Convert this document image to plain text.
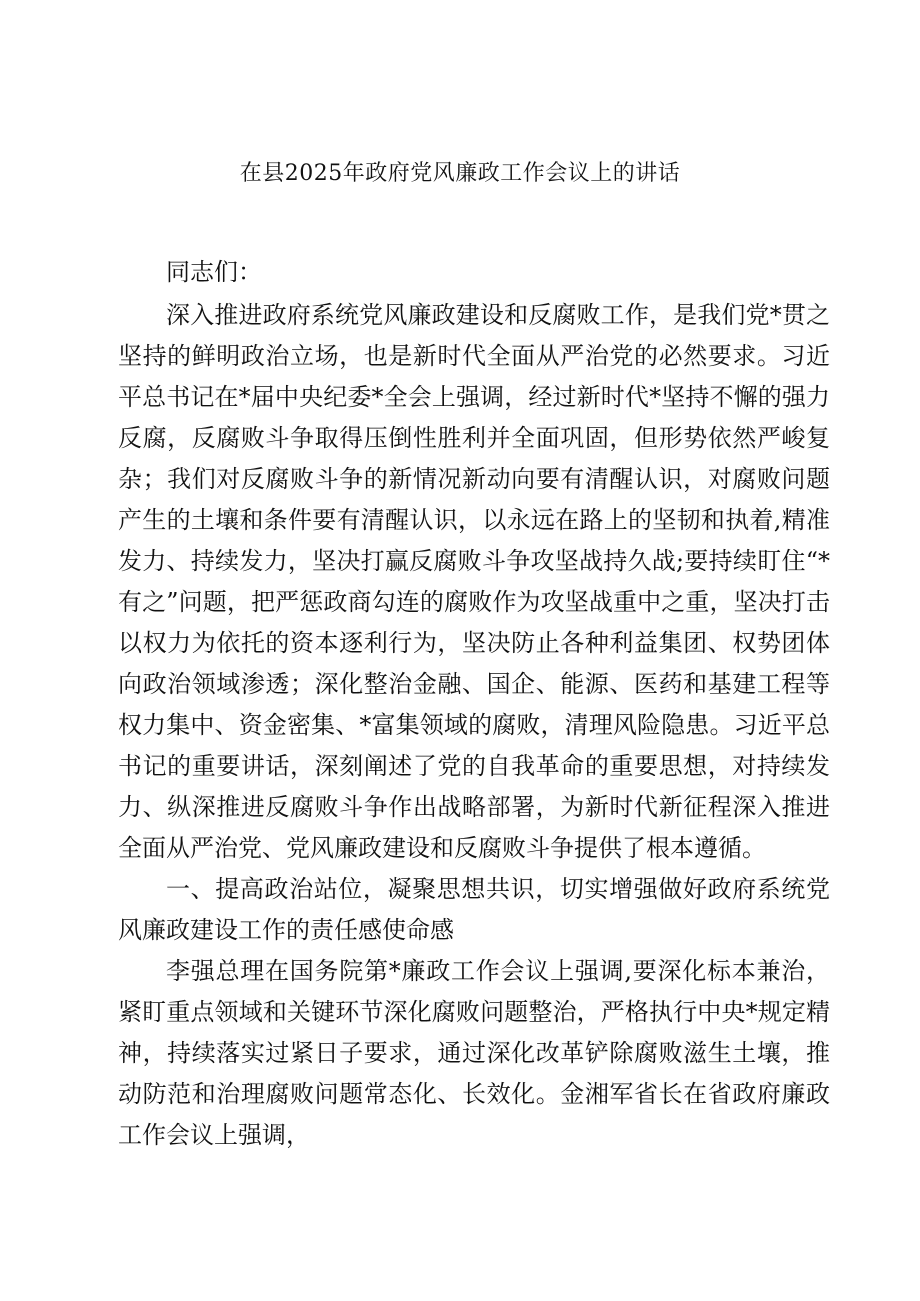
在县2025年政府党风廉政工作会议上的讲话

同志们：

深入推进政府系统党风廉政建设和反腐败工作，是我们党*贯之坚持的鲜明政治立场，也是新时代全面从严治党的必然要求。习近平总书记在*届中央纪委*全会上强调，经过新时代*坚持不懈的强力反腐，反腐败斗争取得压倒性胜利并全面巩固，但形势依然严峻复杂；我们对反腐败斗争的新情况新动向要有清醒认识，对腐败问题产生的土壤和条件要有清醒认识，以永远在路上的坚韧和执着,精准发力、持续发力，坚决打赢反腐败斗争攻坚战持久战;要持续盯住“*有之”问题，把严惩政商勾连的腐败作为攻坚战重中之重，坚决打击以权力为依托的资本逐利行为，坚决防止各种利益集团、权势团体向政治领域渗透；深化整治金融、国企、能源、医药和基建工程等权力集中、资金密集、*富集领域的腐败，清理风险隐患。习近平总书记的重要讲话，深刻阐述了党的自我革命的重要思想，对持续发力、纵深推进反腐败斗争作出战略部署，为新时代新征程深入推进全面从严治党、党风廉政建设和反腐败斗争提供了根本遵循。

一、提高政治站位，凝聚思想共识，切实增强做好政府系统党风廉政建设工作的责任感使命感

李强总理在国务院第*廉政工作会议上强调,要深化标本兼治，紧盯重点领域和关键环节深化腐败问题整治，严格执行中央*规定精神，持续落实过紧日子要求，通过深化改革铲除腐败滋生土壤，推动防范和治理腐败问题常态化、长效化。金湘军省长在省政府廉政工作会议上强调，
